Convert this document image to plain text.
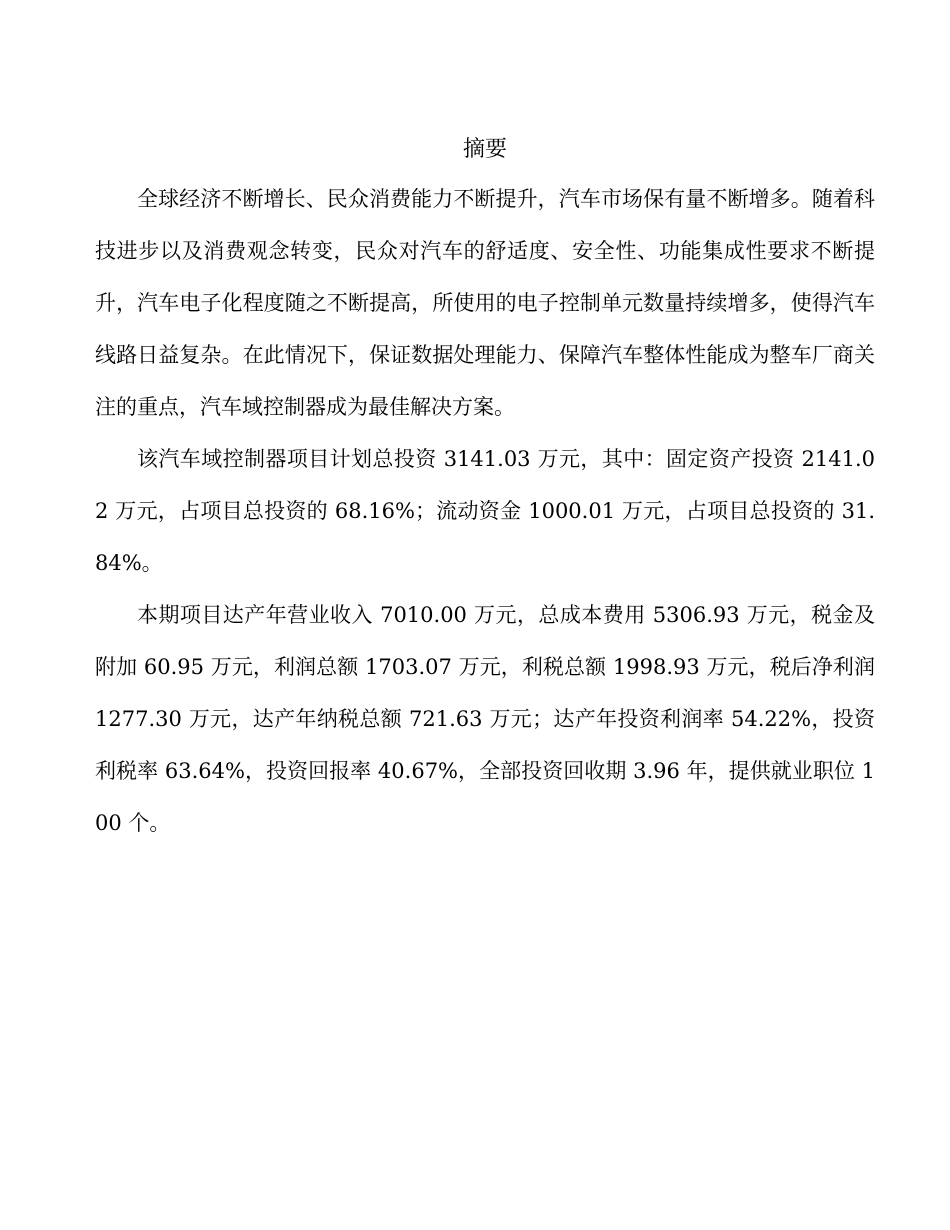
摘要

全球经济不断增长、民众消费能力不断提升，汽车市场保有量不断增多。随着科技进步以及消费观念转变，民众对汽车的舒适度、安全性、功能集成性要求不断提升，汽车电子化程度随之不断提高，所使用的电子控制单元数量持续增多，使得汽车线路日益复杂。在此情况下，保证数据处理能力、保障汽车整体性能成为整车厂商关注的重点，汽车域控制器成为最佳解决方案。

该汽车域控制器项目计划总投资 3141.03 万元，其中：固定资产投资 2141.02 万元，占项目总投资的 68.16%；流动资金 1000.01 万元，占项目总投资的 31.84%。

本期项目达产年营业收入 7010.00 万元，总成本费用 5306.93 万元，税金及附加 60.95 万元，利润总额 1703.07 万元，利税总额 1998.93 万元，税后净利润 1277.30 万元，达产年纳税总额 721.63 万元；达产年投资利润率 54.22%，投资利税率 63.64%，投资回报率 40.67%，全部投资回收期 3.96 年，提供就业职位 100 个。
